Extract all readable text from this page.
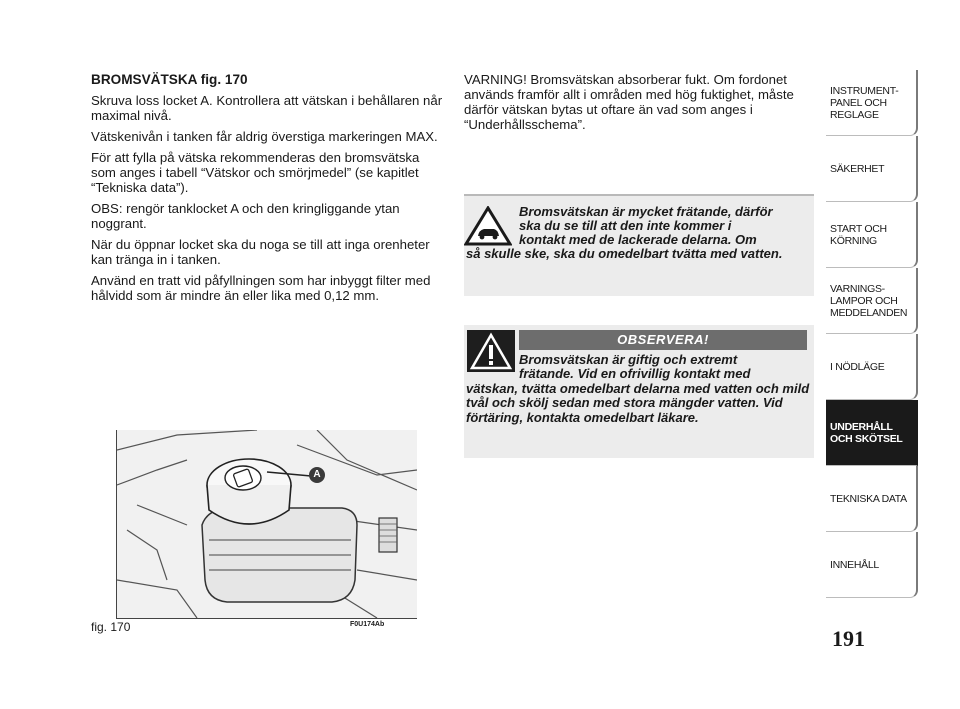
BROMSVÄTSKA fig. 170

Skruva loss locket A. Kontrollera att vätskan i behållaren når maximal nivå.

Vätskenivån i tanken får aldrig överstiga markeringen MAX.

För att fylla på vätska rekommenderas den bromsvätska som anges i tabell “Vätskor och smörjmedel” (se kapitlet “Tekniska data”).

OBS: rengör tanklocket A och den kringliggande ytan noggrant.

När du öppnar locket ska du noga se till att inga orenheter kan tränga in i tanken.

Använd en tratt vid påfyllningen som har inbyggt filter med hålvidd som är mindre än eller lika med 0,12 mm.

A
fig. 170	F0U174Ab
VARNING! Bromsvätskan absorberar fukt. Om fordonet används framför allt i områden med hög fuktighet, måste därför vätskan bytas ut oftare än vad som anges i “Underhållsschema”.
Bromsvätskan är mycket frätande, därför
ska du se till att den inte kommer i
kontakt med de lackerade delarna. Om
så skulle ske, ska du omedelbart tvätta med vatten.
OBSERVERA!
Bromsvätskan är giftig och extremt
frätande. Vid en ofrivillig kontakt med
vätskan, tvätta omedelbart delarna med vatten och mild tvål och skölj sedan med stora mängder vatten. Vid förtäring, kontakta omedelbart läkare.
INSTRUMENT-
PANEL OCH
REGLAGE
SÄKERHET
START OCH
KÖRNING
VARNINGS-
LAMPOR OCH
MEDDELANDEN
I NÖDLÄGE
UNDERHÅLL
OCH SKÖTSEL
TEKNISKA DATA
INNEHÅLL
191
